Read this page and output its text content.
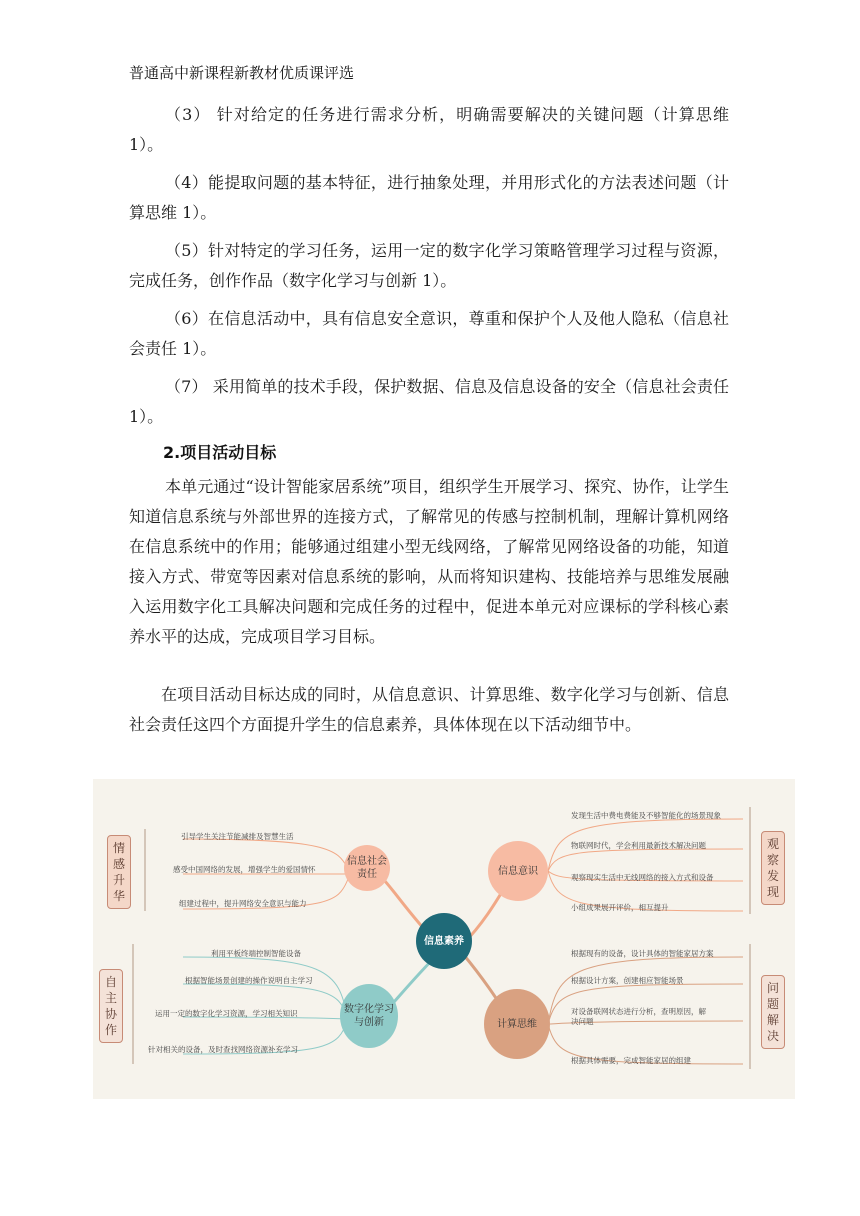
普通高中新课程新教材优质课评选

（3） 针对给定的任务进行需求分析，明确需要解决的关键问题（计算思维 1）。

（4）能提取问题的基本特征，进行抽象处理，并用形式化的方法表述问题（计算思维 1）。

（5）针对特定的学习任务，运用一定的数字化学习策略管理学习过程与资源，完成任务，创作作品（数字化学习与创新 1）。

（6）在信息活动中，具有信息安全意识，尊重和保护个人及他人隐私（信息社会责任 1）。

（7） 采用简单的技术手段，保护数据、信息及信息设备的安全（信息社会责任 1）。

2.项目活动目标

本单元通过“设计智能家居系统”项目，组织学生开展学习、探究、协作，让学生知道信息系统与外部世界的连接方式，了解常见的传感与控制机制，理解计算机网络在信息系统中的作用；能够通过组建小型无线网络，了解常见网络设备的功能，知道接入方式、带宽等因素对信息系统的影响，从而将知识建构、技能培养与思维发展融入运用数字化工具解决问题和完成任务的过程中，促进本单元对应课标的学科核心素养水平的达成，完成项目学习目标。

在项目活动目标达成的同时，从信息意识、计算思维、数字化学习与创新、信息社会责任这四个方面提升学生的信息素养，具体体现在以下活动细节中。

信息素养
信息社会责任	信息意识
数字化学习与创新	计算思维
引导学生关注节能减排及智慧生活
感受中国网络的发展，增强学生的爱国情怀
组建过程中，提升网络安全意识与能力
利用平板终端控制智能设备
根据智能场景创建的操作说明自主学习
运用一定的数字化学习资源，学习相关知识
针对相关的设备，及时查找网络资源补充学习
发现生活中费电费能及不够智能化的场景现象
物联网时代，学会利用最新技术解决问题
观察现实生活中无线网络的接入方式和设备
小组成果展开评价，相互提升
根据现有的设备，设计具体的智能家居方案
根据设计方案，创建相应智能场景
对设备联网状态进行分析，查明原因，解决问题
根据具体需要，完成智能家居的组建
情感升华
自主协作
观察发现
问题解决
